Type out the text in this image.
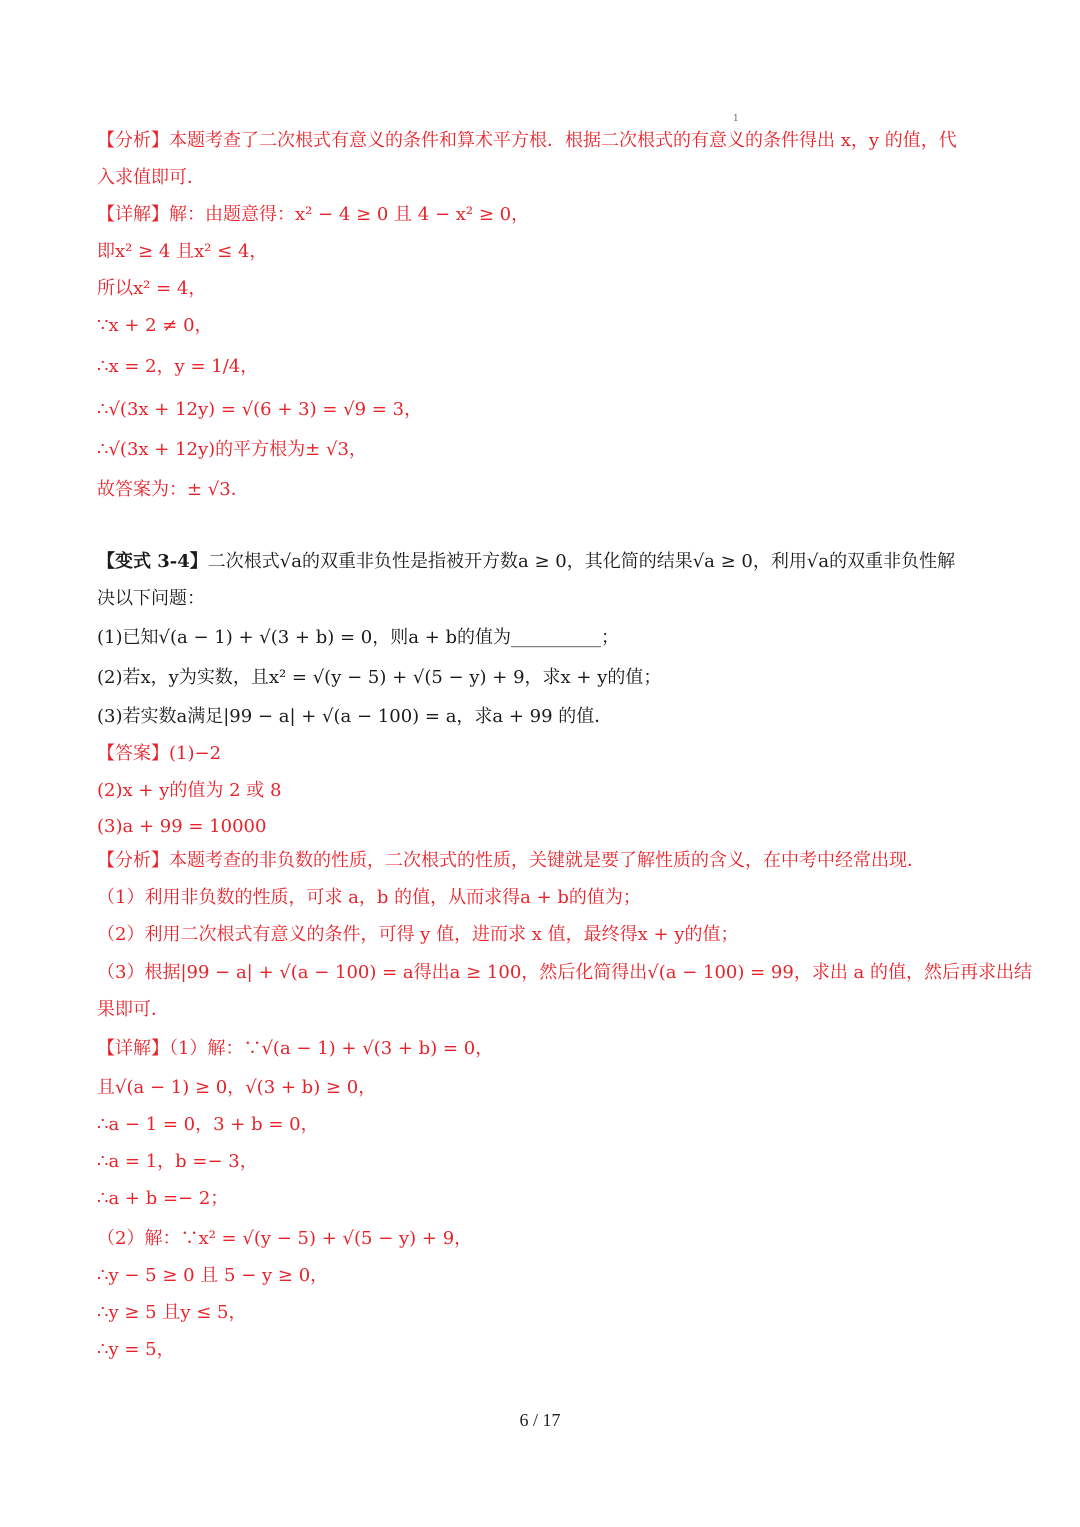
1
【分析】本题考查了二次根式有意义的条件和算术平方根．根据二次根式的有意义的条件得出 x，y 的值，代
入求值即可．
【详解】解：由题意得：x² − 4 ≥ 0 且 4 − x² ≥ 0，
即x² ≥ 4 且x² ≤ 4，
所以x² = 4，
∵x + 2 ≠ 0，
∴x = 2，y = 1/4，
∴√(3x + 12y) = √(6 + 3) = √9 = 3，
∴√(3x + 12y)的平方根为± √3，
故答案为：± √3．
【变式 3-4】二次根式√a的双重非负性是指被开方数a ≥ 0，其化简的结果√a ≥ 0，利用√a的双重非负性解
决以下问题：
(1)已知√(a − 1) + √(3 + b) = 0，则a + b的值为__________；
(2)若x，y为实数，且x² = √(y − 5) + √(5 − y) + 9，求x + y的值；
(3)若实数a满足|99 − a| + √(a − 100) = a，求a + 99 的值．
【答案】(1)−2
(2)x + y的值为 2 或 8
(3)a + 99 = 10000
【分析】本题考查的非负数的性质，二次根式的性质，关键就是要了解性质的含义，在中考中经常出现．
（1）利用非负数的性质，可求 a，b 的值，从而求得a + b的值为；
（2）利用二次根式有意义的条件，可得 y 值，进而求 x 值，最终得x + y的值；
（3）根据|99 − a| + √(a − 100) = a得出a ≥ 100，然后化简得出√(a − 100) = 99，求出 a 的值，然后再求出结
果即可．
【详解】（1）解：∵√(a − 1) + √(3 + b) = 0，
且√(a − 1) ≥ 0，√(3 + b) ≥ 0，
∴a − 1 = 0，3 + b = 0，
∴a = 1，b =− 3，
∴a + b =− 2；
（2）解：∵x² = √(y − 5) + √(5 − y) + 9，
∴y − 5 ≥ 0 且 5 − y ≥ 0，
∴y ≥ 5 且y ≤ 5，
∴y = 5，
6 / 17
